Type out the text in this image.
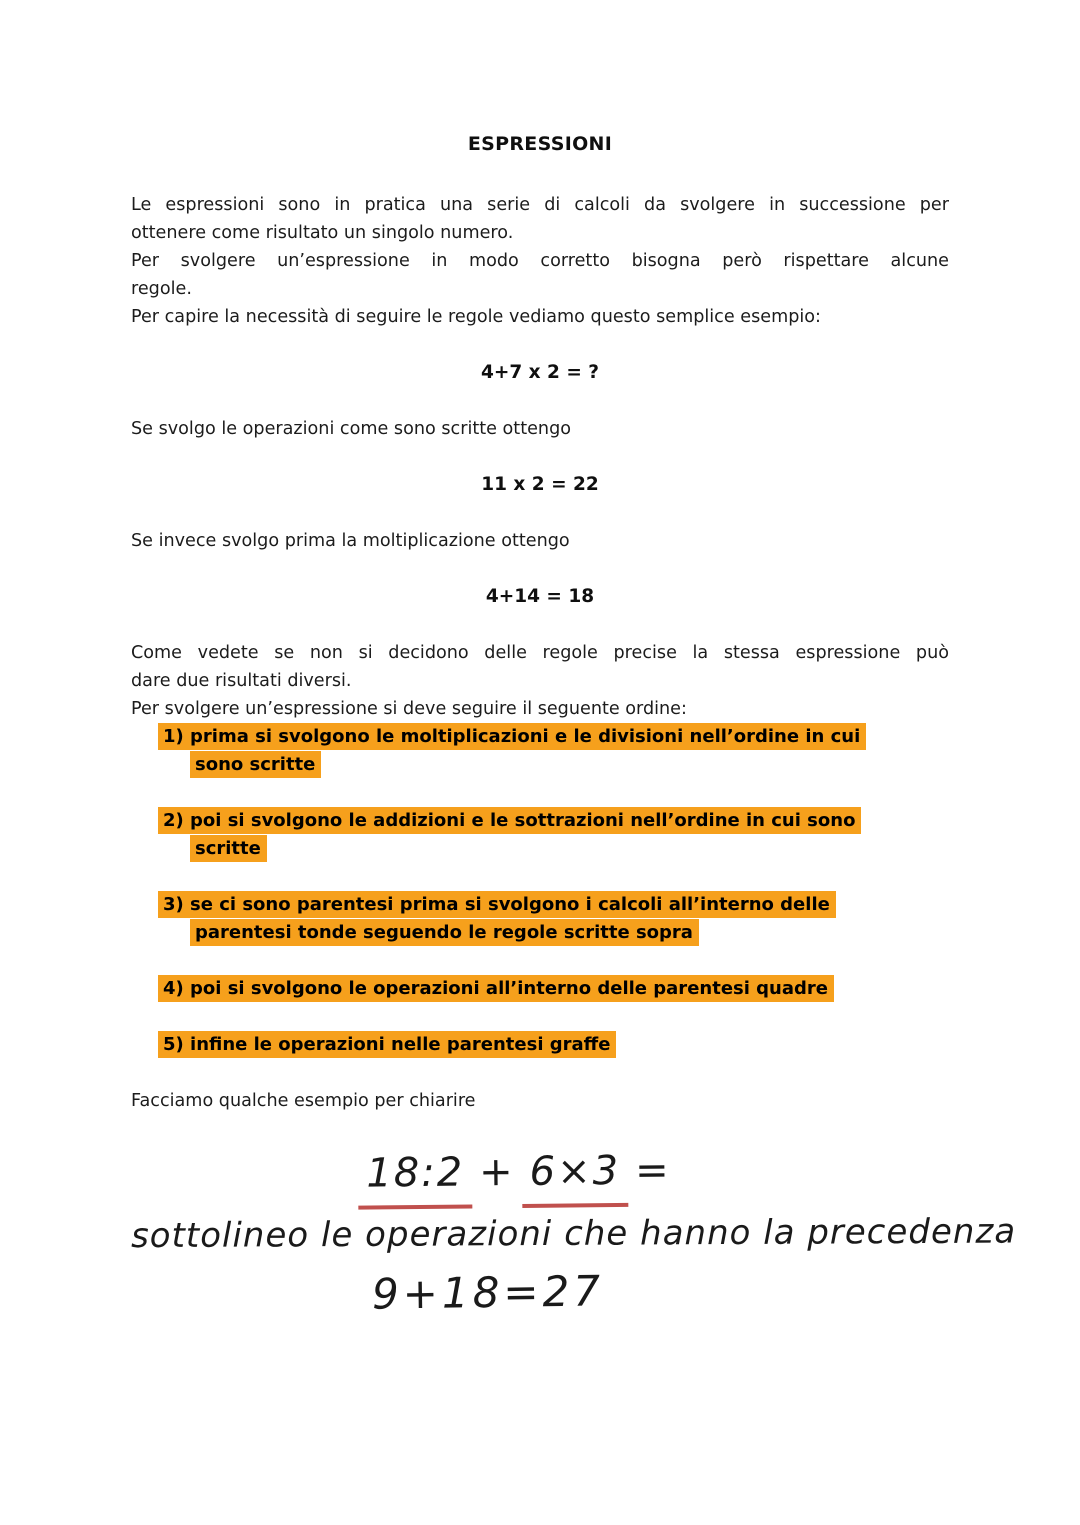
ESPRESSIONI

Le espressioni sono in pratica una serie di calcoli da svolgere in successione per

ottenere come risultato un singolo numero.

Per svolgere un’espressione in modo corretto bisogna però rispettare alcune

regole.

Per capire la necessità di seguire le regole vediamo questo semplice esempio:

4+7 x 2 = ?

Se svolgo le operazioni come sono scritte ottengo

11 x 2 = 22

Se invece svolgo prima la moltiplicazione ottengo

4+14 = 18

Come vedete se non si decidono delle regole precise la stessa espressione può

dare due risultati diversi.

Per svolgere un’espressione si deve seguire il seguente ordine:

1) prima si svolgono le moltiplicazioni e le divisioni nell’ordine in cui

sono scritte

2) poi si svolgono le addizioni e le sottrazioni nell’ordine in cui sono

scritte

3) se ci sono parentesi prima si svolgono i calcoli all’interno delle

parentesi tonde seguendo le regole scritte sopra

4) poi si svolgono le operazioni all’interno delle parentesi quadre

5) infine le operazioni nelle parentesi graffe

Facciamo qualche esempio per chiarire

18:2 + 6×3 =
sottolineo le operazioni che hanno la precedenza
9+18=27
